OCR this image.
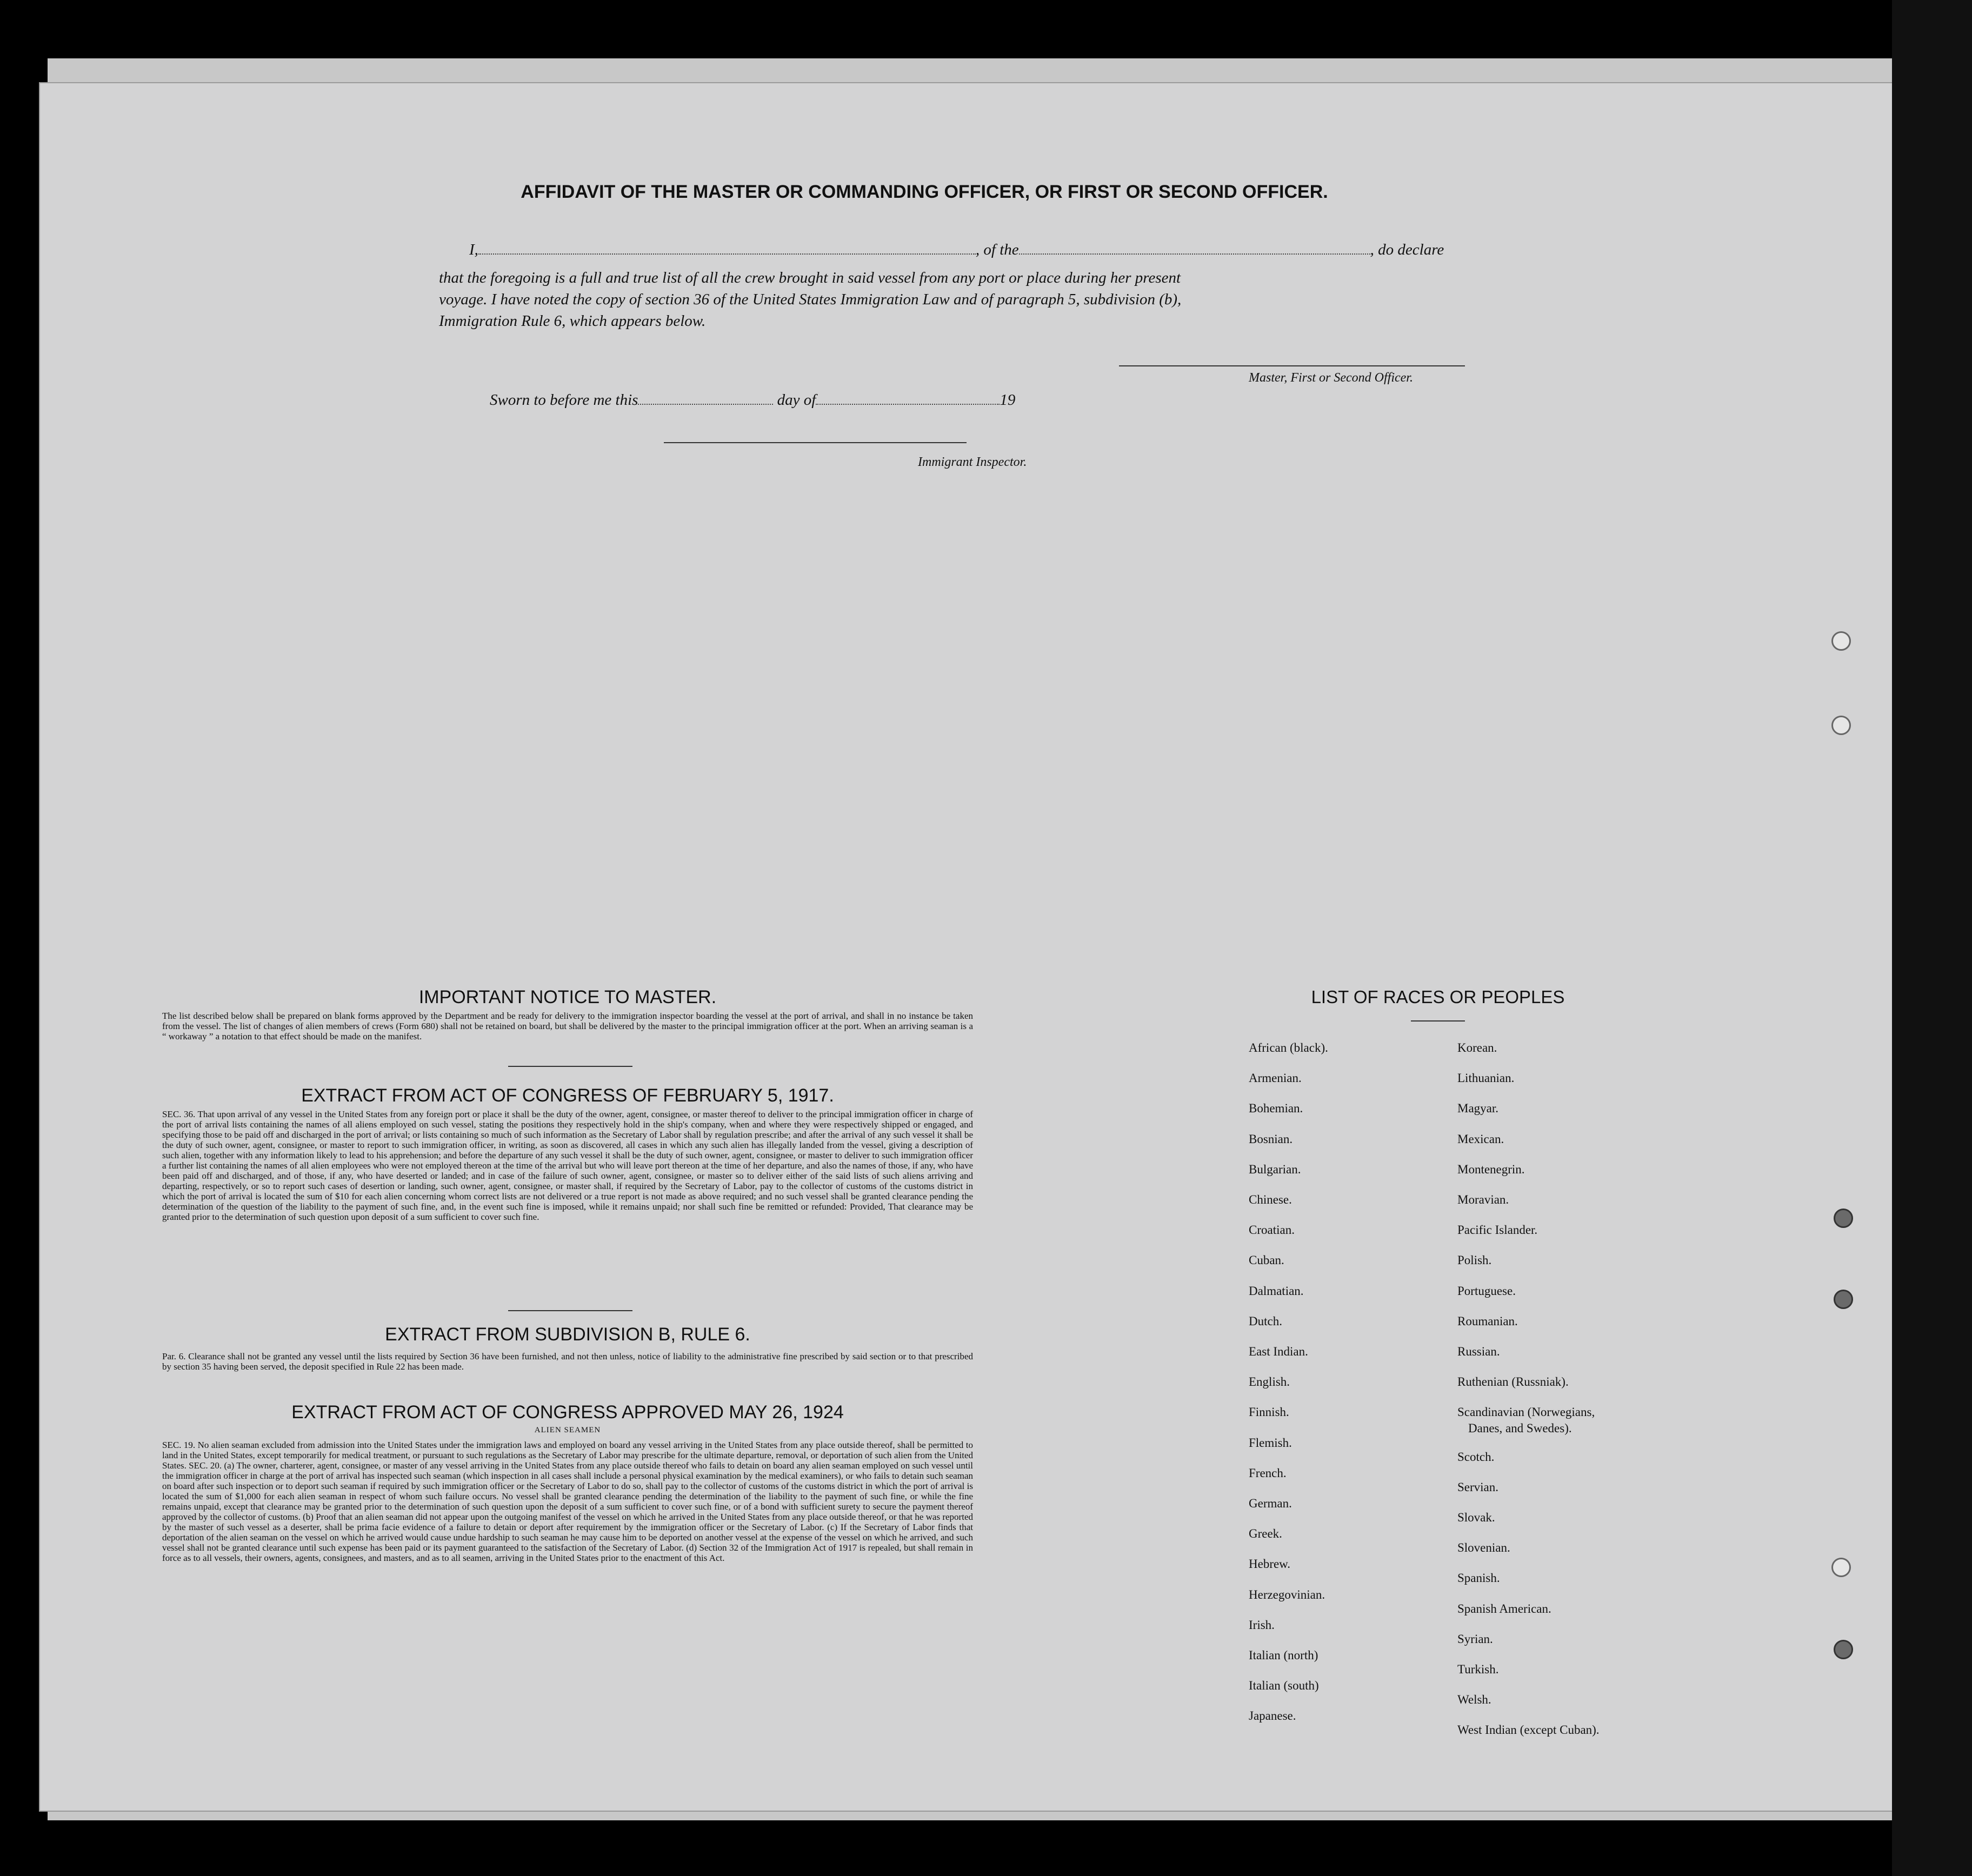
AFFIDAVIT OF THE MASTER OR COMMANDING OFFICER, OR FIRST OR SECOND OFFICER.
I,	, of the	, do declare
that the foregoing is a full and true list of all the crew brought in said vessel from any port or place during her present
voyage. I have noted the copy of section 36 of the United States Immigration Law and of paragraph 5, subdivision (b),
Immigration Rule 6, which appears below.
Master, First or Second Officer.
Sworn to before me this	day of	19
Immigrant Inspector.
IMPORTANT NOTICE TO MASTER.
The list described below shall be prepared on blank forms approved by the Department and be ready for delivery to the immigration inspector boarding the vessel at the port of arrival, and shall in no instance be taken from the vessel. The list of changes of alien members of crews (Form 680) shall not be retained on board, but shall be delivered by the master to the principal immigration officer at the port. When an arriving seaman is a “ workaway ” a notation to that effect should be made on the manifest.
EXTRACT FROM ACT OF CONGRESS OF FEBRUARY 5, 1917.
SEC. 36. That upon arrival of any vessel in the United States from any foreign port or place it shall be the duty of the owner, agent, consignee, or master thereof to deliver to the principal immigration officer in charge of the port of arrival lists containing the names of all aliens employed on such vessel, stating the positions they respectively hold in the ship's company, when and where they were respectively shipped or engaged, and specifying those to be paid off and discharged in the port of arrival; or lists containing so much of such information as the Secretary of Labor shall by regulation prescribe; and after the arrival of any such vessel it shall be the duty of such owner, agent, consignee, or master to report to such immigration officer, in writing, as soon as discovered, all cases in which any such alien has illegally landed from the vessel, giving a description of such alien, together with any information likely to lead to his apprehension; and before the departure of any such vessel it shall be the duty of such owner, agent, consignee, or master to deliver to such immigration officer a further list containing the names of all alien employees who were not employed thereon at the time of the arrival but who will leave port thereon at the time of her departure, and also the names of those, if any, who have been paid off and discharged, and of those, if any, who have deserted or landed; and in case of the failure of such owner, agent, consignee, or master so to deliver either of the said lists of such aliens arriving and departing, respectively, or so to report such cases of desertion or landing, such owner, agent, consignee, or master shall, if required by the Secretary of Labor, pay to the collector of customs of the customs district in which the port of arrival is located the sum of $10 for each alien concerning whom correct lists are not delivered or a true report is not made as above required; and no such vessel shall be granted clearance pending the determination of the question of the liability to the payment of such fine, and, in the event such fine is imposed, while it remains unpaid; nor shall such fine be remitted or refunded: Provided, That clearance may be granted prior to the determination of such question upon deposit of a sum sufficient to cover such fine.
EXTRACT FROM SUBDIVISION B, RULE 6.
Par. 6. Clearance shall not be granted any vessel until the lists required by Section 36 have been furnished, and not then unless, notice of liability to the administrative fine prescribed by said section or to that prescribed by section 35 having been served, the deposit specified in Rule 22 has been made.
EXTRACT FROM ACT OF CONGRESS APPROVED MAY 26, 1924
ALIEN SEAMEN
SEC. 19. No alien seaman excluded from admission into the United States under the immigration laws and employed on board any vessel arriving in the United States from any place outside thereof, shall be permitted to land in the United States, except temporarily for medical treatment, or pursuant to such regulations as the Secretary of Labor may prescribe for the ultimate departure, removal, or deportation of such alien from the United States. SEC. 20. (a) The owner, charterer, agent, consignee, or master of any vessel arriving in the United States from any place outside thereof who fails to detain on board any alien seaman employed on such vessel until the immigration officer in charge at the port of arrival has inspected such seaman (which inspection in all cases shall include a personal physical examination by the medical examiners), or who fails to detain such seaman on board after such inspection or to deport such seaman if required by such immigration officer or the Secretary of Labor to do so, shall pay to the collector of customs of the customs district in which the port of arrival is located the sum of $1,000 for each alien seaman in respect of whom such failure occurs. No vessel shall be granted clearance pending the determination of the liability to the payment of such fine, or while the fine remains unpaid, except that clearance may be granted prior to the determination of such question upon the deposit of a sum sufficient to cover such fine, or of a bond with sufficient surety to secure the payment thereof approved by the collector of customs. (b) Proof that an alien seaman did not appear upon the outgoing manifest of the vessel on which he arrived in the United States from any place outside thereof, or that he was reported by the master of such vessel as a deserter, shall be prima facie evidence of a failure to detain or deport after requirement by the immigration officer or the Secretary of Labor. (c) If the Secretary of Labor finds that deportation of the alien seaman on the vessel on which he arrived would cause undue hardship to such seaman he may cause him to be deported on another vessel at the expense of the vessel on which he arrived, and such vessel shall not be granted clearance until such expense has been paid or its payment guaranteed to the satisfaction of the Secretary of Labor. (d) Section 32 of the Immigration Act of 1917 is repealed, but shall remain in force as to all vessels, their owners, agents, consignees, and masters, and as to all seamen, arriving in the United States prior to the enactment of this Act.
LIST OF RACES OR PEOPLES
African (black).
Armenian.
Bohemian.
Bosnian.
Bulgarian.
Chinese.
Croatian.
Cuban.
Dalmatian.
Dutch.
East Indian.
English.
Finnish.
Flemish.
French.
German.
Greek.
Hebrew.
Herzegovinian.
Irish.
Italian (north)
Italian (south)
Japanese.
Korean.
Lithuanian.
Magyar.
Mexican.
Montenegrin.
Moravian.
Pacific Islander.
Polish.
Portuguese.
Roumanian.
Russian.
Ruthenian (Russniak).
Scandinavian (Norwegians,
Danes, and Swedes).
Scotch.
Servian.
Slovak.
Slovenian.
Spanish.
Spanish American.
Syrian.
Turkish.
Welsh.
West Indian (except Cuban).
